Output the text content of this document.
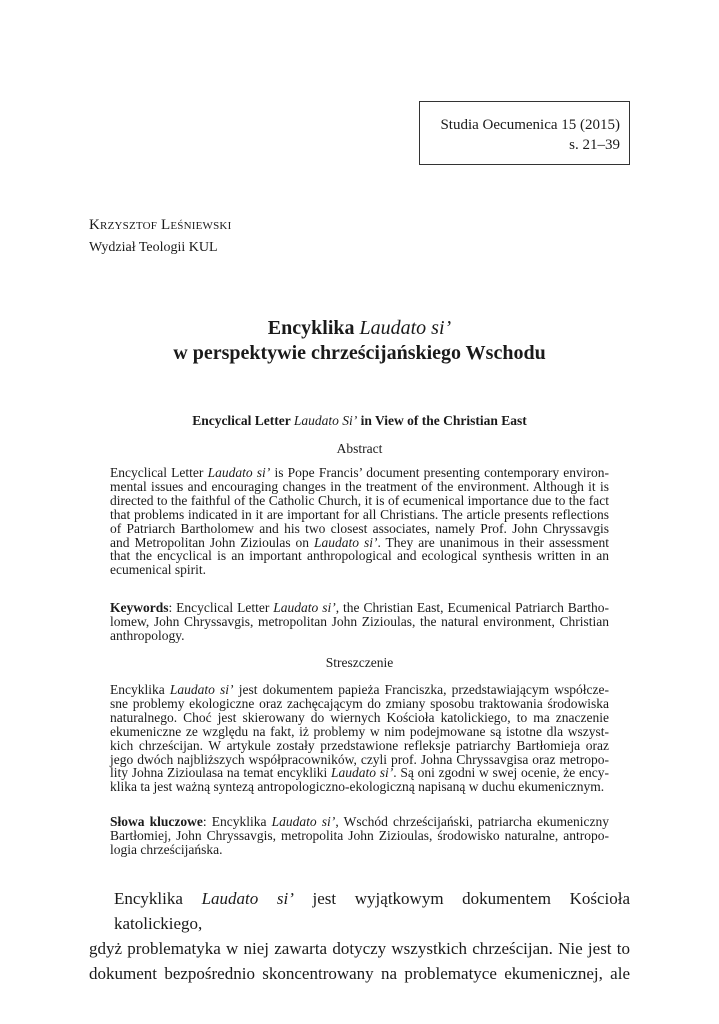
Studia Oecumenica 15 (2015)
s. 21–39
Krzysztof Leśniewski
Wydział Teologii KUL
Encyklika Laudato si’
w perspektywie chrześcijańskiego Wschodu
Encyclical Letter Laudato Si’ in View of the Christian East
Abstract
Encyclical Letter Laudato si’ is Pope Francis’ document presenting contemporary environ-
mental issues and encouraging changes in the treatment of the environment. Although it is
directed to the faithful of the Catholic Church, it is of ecumenical importance due to the fact
that problems indicated in it are important for all Christians. The article presents reflections
of Patriarch Bartholomew and his two closest associates, namely Prof. John Chryssavgis
and Metropolitan John Zizioulas on Laudato si’. They are unanimous in their assessment
that the encyclical is an important anthropological and ecological synthesis written in an
ecumenical spirit.
Keywords: Encyclical Letter Laudato si’, the Christian East, Ecumenical Patriarch Bartho-
lomew, John Chryssavgis, metropolitan John Zizioulas, the natural environment, Christian
anthropology.
Streszczenie
Encyklika Laudato si’ jest dokumentem papieża Franciszka, przedstawiającym współcze-
sne problemy ekologiczne oraz zachęcającym do zmiany sposobu traktowania środowiska
naturalnego. Choć jest skierowany do wiernych Kościoła katolickiego, to ma znaczenie
ekumeniczne ze względu na fakt, iż problemy w nim podejmowane są istotne dla wszyst-
kich chrześcijan. W artykule zostały przedstawione refleksje patriarchy Bartłomieja oraz
jego dwóch najbliższych współpracowników, czyli prof. Johna Chryssavgisa oraz metropo-
lity Johna Zizioulasa na temat encykliki Laudato si’. Są oni zgodni w swej ocenie, że ency-
klika ta jest ważną syntezą antropologiczno-ekologiczną napisaną w duchu ekumenicznym.
Słowa kluczowe: Encyklika Laudato si’, Wschód chrześcijański, patriarcha ekumeniczny
Bartłomiej, John Chryssavgis, metropolita John Zizioulas, środowisko naturalne, antropo-
logia chrześcijańska.
Encyklika Laudato si’ jest wyjątkowym dokumentem Kościoła katolickiego,
gdyż problematyka w niej zawarta dotyczy wszystkich chrześcijan. Nie jest to
dokument bezpośrednio skoncentrowany na problematyce ekumenicznej, ale
